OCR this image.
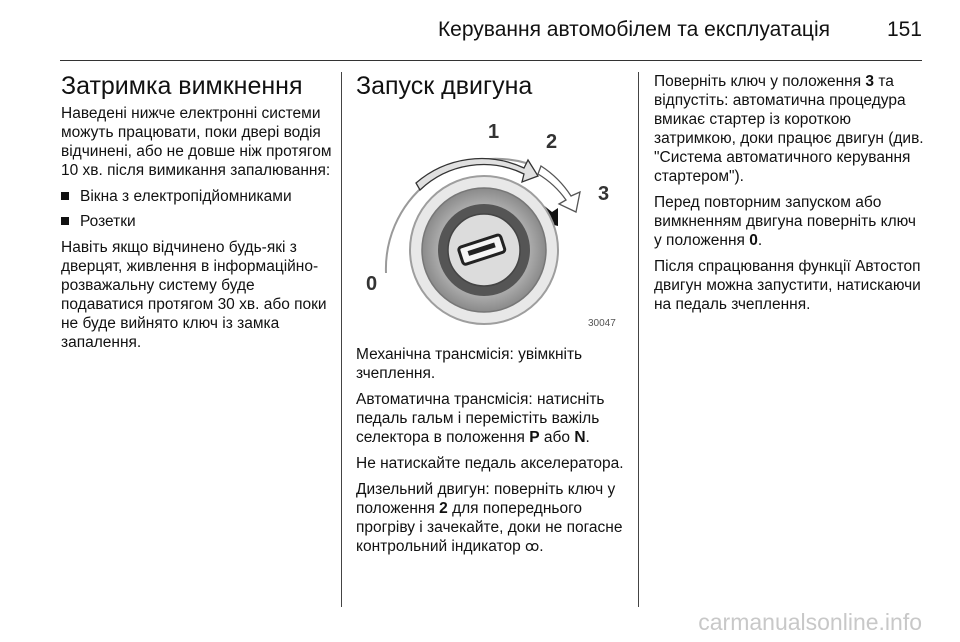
Керування автомобілем та експлуатація	151
Затримка вимкнення

Наведені нижче електронні системи можуть працювати, поки двері водія відчинені, або не довше ніж протягом 10 хв. після вимикання запалювання:

Вікна з електропідйомниками
Розетки

Навіть якщо відчинено будь-які з дверцят, живлення в інформаційно-розважальну систему буде подаватися протягом 30 хв. або поки не буде вийнято ключ із замка запалення.

Запуск двигуна
0
1 2
3
30047

Механічна трансмісія: увімкніть зчеплення.

Автоматична трансмісія: натисніть педаль гальм і перемістіть важіль селектора в положення P або N.

Не натискайте педаль акселератора.

Дизельний двигун: поверніть ключ у положення 2 для попереднього прогріву і зачекайте, доки не погасне контрольний індикатор ꝏ.

Поверніть ключ у положення 3 та відпустіть: автоматична процедура вмикає стартер із короткою затримкою, доки працює двигун (див. "Система автоматичного керування стартером").

Перед повторним запуском або вимкненням двигуна поверніть ключ у положення 0.

Після спрацювання функції Автостоп двигун можна запустити, натискаючи на педаль зчеплення.

carmanualsonline.info
